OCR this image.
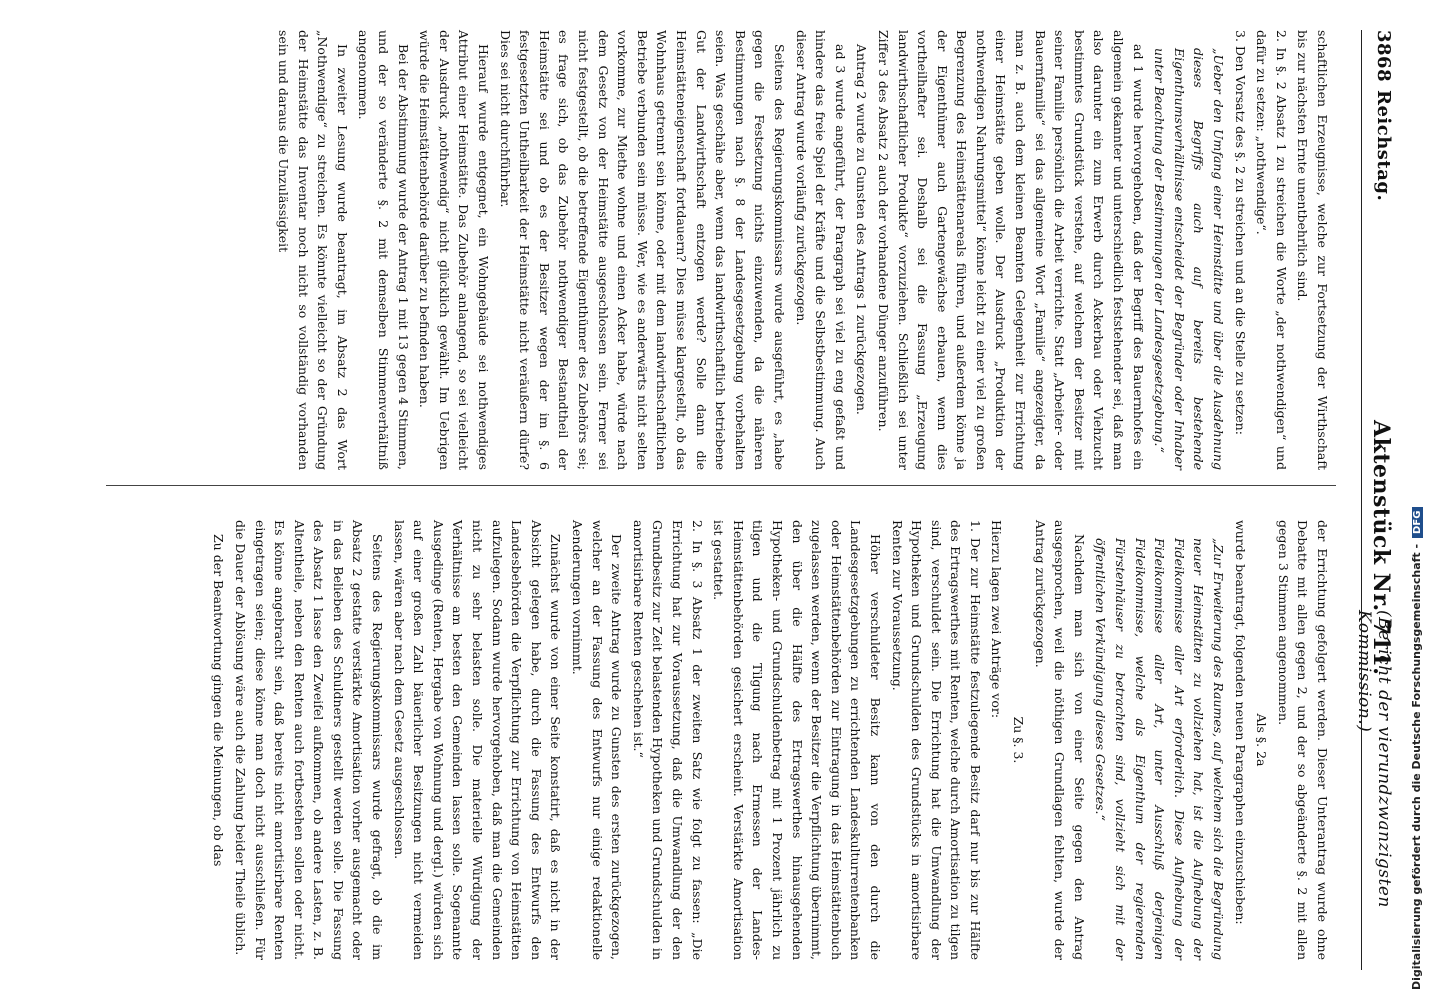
3868
Reichstag.
Aktenstück Nr. 711.
(Bericht der vierundzwanzigsten Kommission.)

schaftlichen Erzeugnisse, welche zur Fortsetzung der Wirthschaft bis zur nächsten Ernte unentbehrlich sind.

2. In §. 2 Absatz 1 zu streichen die Worte „der nothwendigen“ und dafür zu setzen: „nothwendige“.

3. Den Vorsatz des §. 2 zu streichen und an die Stelle zu setzen:

„Ueber den Umfang einer Heimstätte und über die Ausdehnung dieses Begriffs auch auf bereits bestehende Eigenthumsverhältnisse entscheidet der Begründer oder Inhaber unter Beachtung der Bestimmungen der Landesgesetzgebung.“

ad 1 wurde hervorgehoben, daß der Begriff des Bauernhofes ein allgemein gekannter und unterschiedlich feststehender sei, daß man also darunter ein zum Erwerb durch Ackerbau oder Viehzucht bestimmtes Grundstück verstehe, auf welchem der Besitzer mit seiner Familie persönlich die Arbeit verrichte. Statt „Arbeiter- oder Bauernfamilie“ sei das allgemeine Wort „Familie“ angezeigter, da man z. B. auch dem kleinen Beamten Gelegenheit zur Errichtung einer Heimstätte geben wolle. Der Ausdruck „Produktion der nothwendigen Nahrungsmittel“ könne leicht zu einer viel zu großen Begrenzung des Heimstättenareals führen, und außerdem könne ja der Eigenthümer auch Gartengewächse erbauen, wenn dies vortheilhafter sei. Deshalb sei die Fassung „Erzeugung landwirthschaftlicher Produkte“ vorzuziehen. Schließlich sei unter Ziffer 3 des Absatz 2 auch der vorhandene Dünger anzuführen.

Antrag 2 wurde zu Gunsten des Antrags 1 zurückgezogen.

ad 3 wurde angeführt, der Paragraph sei viel zu eng gefaßt und hindere das freie Spiel der Kräfte und die Selbstbestimmung. Auch dieser Antrag wurde vorläufig zurückgezogen.

Seitens des Regierungskommissars wurde ausgeführt, es „habe gegen die Festsetzung nichts einzuwenden, da die näheren Bestimmungen nach §. 8 der Landesgesetzgebung vorbehalten seien. Was geschähe aber, wenn das landwirthschaftlich betriebene Gut der Landwirthschaft entzogen werde? Solle dann die Heimstätteneigenschaft fortdauern? Dies müsse klargestellt, ob das Wohnhaus getrennt sein könne, oder mit dem landwirthschaftlichen Betriebe verbunden sein müsse. Wer, wie es anderwärts nicht selten vorkomme, zur Miethe wohne und einen Acker habe, würde nach dem Gesetz von der Heimstätte ausgeschlossen sein. Ferner sei nicht festgestellt, ob die betreffende Eigenthümer des Zubehörs sei; es frage sich, ob das Zubehör nothwendiger Bestandtheil der Heimstätte sei und ob es der Besitzer wegen der im §. 6 festgesetzten Untheilbarkeit der Heimstätte nicht veräußern dürfe? Dies sei nicht durchführbar.

Hierauf wurde entgegnet, ein Wohngebäude sei nothwendiges Attribut einer Heimstätte. Das Zubehör anlangend, so sei vielleicht der Ausdruck „nothwendig“ nicht glücklich gewählt. Im Uebrigen würde die Heimstättenbehörde darüber zu befinden haben.

Bei der Abstimmung wurde der Antrag 1 mit 13 gegen 4 Stimmen, und der so veränderte §. 2 mit demselben Stimmenverhältniß angenommen.

In zweiter Lesung wurde beantragt, im Absatz 2 das Wort „Nothwendige“ zu streichen. Es könnte vielleicht so der Gründung der Heimstätte das Inventar noch nicht so vollständig vorhanden sein und daraus die Unzulässigkeit

der Errichtung gefolgert werden. Dieser Unterantrag wurde ohne Debatte mit allen gegen 2, und der so abgeänderte §. 2 mit allen gegen 3 Stimmen angenommen.

Als §. 2a

wurde beantragt, folgenden neuen Paragraphen einzuschieben:

„Zur Erweiterung des Raumes, auf welchem sich die Begründung neuer Heimstätten zu vollziehen hat, ist die Aufhebung der Fideikommisse aller Art erforderlich. Diese Aufhebung der Fideikommisse aller Art, unter Ausschluß derjenigen Fideikommisse, welche als Eigenthum der regierenden Fürstenhäuser zu betrachten sind, vollzieht sich mit der öffentlichen Verkündigung dieses Gesetzes.“

Nachdem man sich von einer Seite gegen den Antrag ausgesprochen, weil die nöthigen Grundlagen fehlten, wurde der Antrag zurückgezogen.

Zu §. 3.

Hierzu lagen zwei Anträge vor:

1. Der zur Heimstätte festzulegende Besitz darf nur bis zur Hälfte des Ertragswerthes mit Renten, welche durch Amortisation zu tilgen sind, verschuldet sein. Die Errichtung hat die Umwandlung der Hypotheken und Grundschulden des Grundstücks in amortisirbare Renten zur Voraussetzung.

Höher verschuldeter Besitz kann von den durch die Landesgesetzgebungen zu errichtenden Landeskulturrentenbanken oder Heimstättenbehörden zur Eintragung in das Heimstättenbuch zugelassen werden, wenn der Besitzer die Verpflichtung übernimmt, den über die Hälfte des Ertragswerthes hinausgehenden Hypotheken- und Grundschuldenbetrag mit 1 Prozent jährlich zu tilgen und die Tilgung nach Ermessen der Landes-Heimstättenbehörden gesichert erscheint. Verstärkte Amortisation ist gestattet.

2. In §. 3 Absatz 1 der zweiten Satz wie folgt zu fassen: „Die Errichtung hat zur Voraussetzung, daß die Umwandlung der den Grundbesitz zur Zeit belastenden Hypotheken und Grundschulden in amortisirbare Renten geschehen ist.“

Der zweite Antrag wurde zu Gunsten des ersten zurückgezogen, welcher an der Fassung des Entwurfs nur einige redaktionelle Aenderungen vornimmt.

Zunächst wurde von einer Seite konstatirt, daß es nicht in der Absicht gelegen habe, durch die Fassung des Entwurfs den Landesbehörden die Verpflichtung zur Errichtung von Heimstätten aufzulegen. Sodann wurde hervorgehoben, daß man die Gemeinden nicht zu sehr belasten solle. Die materielle Würdigung der Verhältnisse am besten den Gemeinden lassen solle. Sogenannte Ausgedinge (Renten, Hergabe von Wohnung und dergl.) würden sich auf einer großen Zahl bäuerlicher Besitzungen nicht vermeiden lassen, wären aber nach dem Gesetz ausgeschlossen.

Seitens des Regierungskommissars wurde gefragt, ob die im Absatz 2 gestatte verstärkte Amortisation vorher ausgemacht oder in das Belieben des Schuldners gestellt werden solle. Die Fassung des Absatz 1 lasse den Zweifel aufkommen, ob andere Lasten, z. B. Altentheile, neben den Renten auch fortbestehen sollen oder nicht. Es könne angebracht sein, daß bereits nicht amortisirbare Renten eingetragen seien; diese könne man doch nicht ausschließen. Für die Dauer der Ablösung wäre auch die Zahlung beider Theile üblich.

Zu der Beantwortung gingen die Meinungen, ob das	Digitalisierung gefördert durch die Deutsche Forschungsgemeinschaft -DFG
